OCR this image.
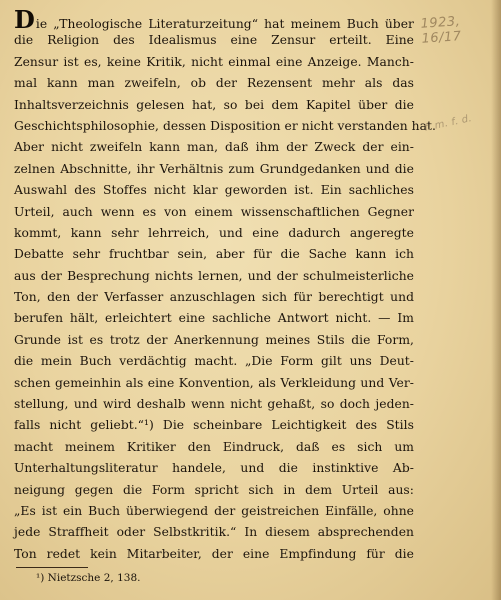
D ie „Theologische Literaturzeitung“ hat meinem Buch über
die Religion des Idealismus eine Zensur erteilt. Eine
Zensur ist es, keine Kritik, nicht einmal eine Anzeige. Manch-
mal kann man zweifeln, ob der Rezensent mehr als das
Inhaltsverzeichnis gelesen hat, so bei dem Kapitel über die
Geschichtsphilosophie, dessen Disposition er nicht verstanden hat.
Aber nicht zweifeln kann man, daß ihm der Zweck der ein-
zelnen Abschnitte, ihr Verhältnis zum Grundgedanken und die
Auswahl des Stoffes nicht klar geworden ist. Ein sachliches
Urteil, auch wenn es von einem wissenschaftlichen Gegner
kommt, kann sehr lehrreich, und eine dadurch angeregte
Debatte sehr fruchtbar sein, aber für die Sache kann ich
aus der Besprechung nichts lernen, und der schulmeisterliche
Ton, den der Verfasser anzuschlagen sich für berechtigt und
berufen hält, erleichtert eine sachliche Antwort nicht. — Im
Grunde ist es trotz der Anerkennung meines Stils die Form,
die mein Buch verdächtig macht. „Die Form gilt uns Deut-
schen gemeinhin als eine Konvention, als Verkleidung und Ver-
stellung, und wird deshalb wenn nicht gehaßt, so doch jeden-
falls nicht geliebt.“¹) Die scheinbare Leichtigkeit des Stils
macht meinem Kritiker den Eindruck, daß es sich um
Unterhaltungsliteratur handele, und die instinktive Ab-
neigung gegen die Form spricht sich in dem Urteil aus:
„Es ist ein Buch überwiegend der geistreichen Einfälle, ohne
jede Straffheit oder Selbstkritik.“ In diesem absprechenden
Ton redet kein Mitarbeiter, der eine Empfindung für die
1923, 16/17
f. m. f. d.
¹) Nietzsche 2, 138.
